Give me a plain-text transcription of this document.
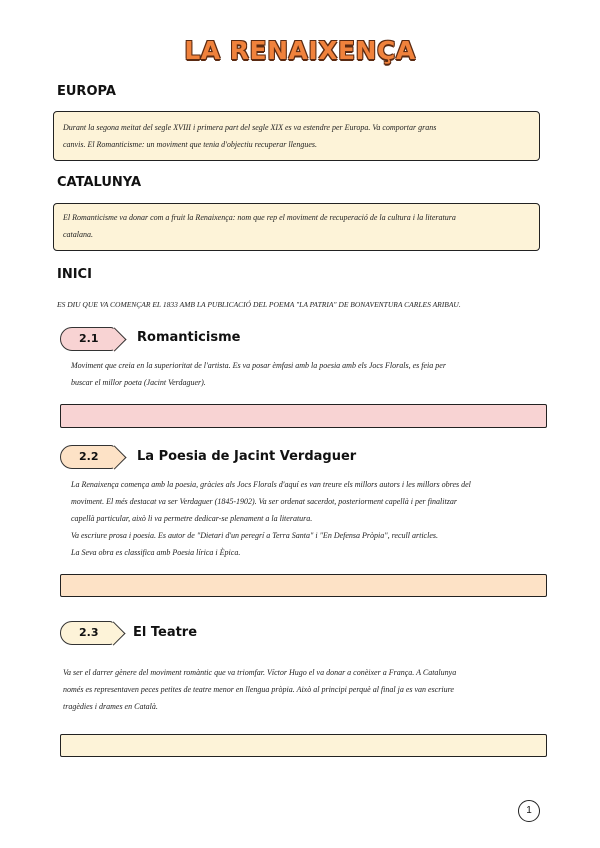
LA RENAIXENÇA
EUROPA
Durant la segona meitat del segle XVIII i primera part del segle XIX es va estendre per Europa. Va comportar grans
canvis. El Romanticisme: un moviment que tenia d'objectiu recuperar llengues.
CATALUNYA
El Romanticisme va donar com a fruit la Renaixença: nom que rep el moviment de recuperació de la cultura i la literatura
catalana.
INICI
ES DIU QUE VA COMENÇAR EL 1833 AMB LA PUBLICACIÓ DEL POEMA "LA PATRIA" DE BONAVENTURA CARLES ARIBAU.
2.1	Romanticisme
Moviment que creia en la superioritat de l'artista. Es va posar èmfasi amb la poesia amb els Jocs Florals, es feia per
buscar el millor poeta (Jacint Verdaguer).
2.2	La Poesia de Jacint Verdaguer
La Renaixença comença amb la poesia, gràcies als Jocs Florals d'aquí es van treure els millors autors i les millors obres del
moviment. El més destacat va ser Verdaguer (1845-1902). Va ser ordenat sacerdot, posteriorment capellà i per finalitzar
capellà particular, això li va permetre dedicar-se plenament a la literatura.
Va escriure prosa i poesia. Es autor de "Dietari d'un peregrí a Terra Santa" i "En Defensa Pròpia", recull articles.
La Seva obra es classifica amb Poesia lírica i Èpica.
2.3	El Teatre
Va ser el darrer gènere del moviment romàntic que va triomfar. Víctor Hugo el va donar a conèixer a França. A Catalunya
només es representaven peces petites de teatre menor en llengua pròpia. Això al principi perquè al final ja es van escriure
tragèdies i drames en Català.
1
